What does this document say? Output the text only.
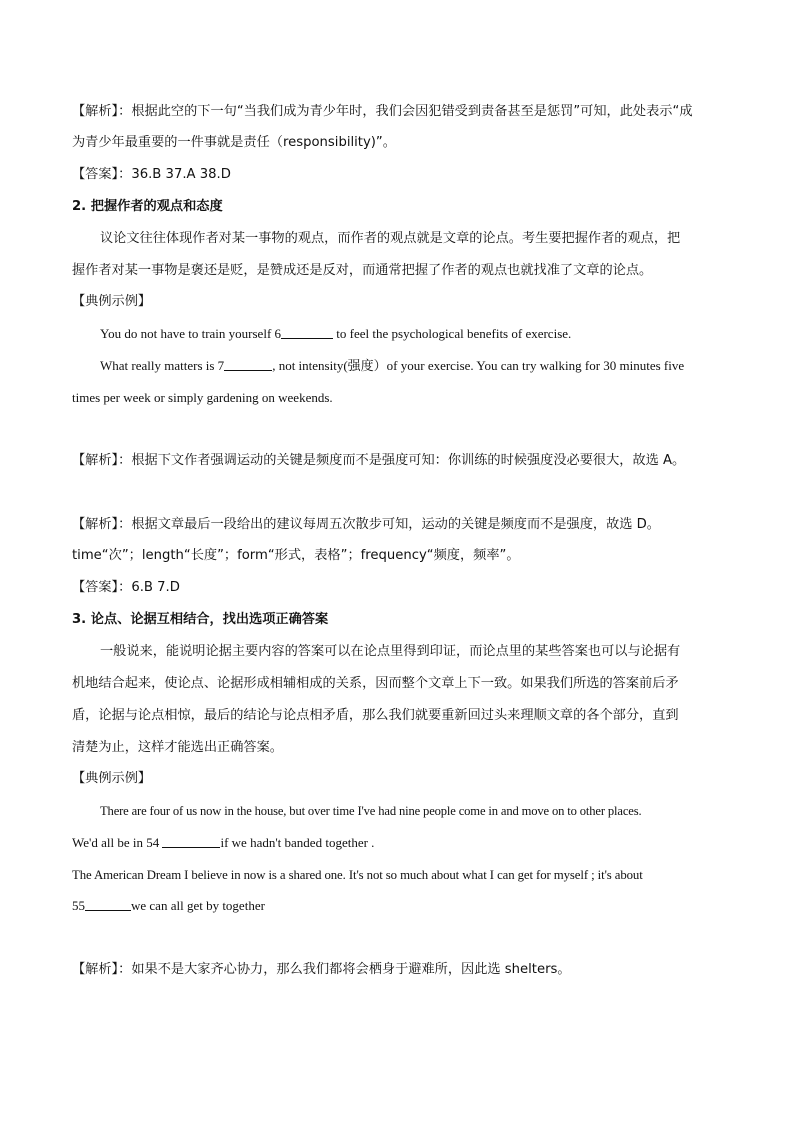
【解析】：根据此空的下一句“当我们成为青少年时，我们会因犯错受到责备甚至是惩罚”可知，此处表示“成
为青少年最重要的一件事就是责任（responsibility)”。
【答案】：36.B 37.A 38.D
2. 把握作者的观点和态度
议论文往往体现作者对某一事物的观点，而作者的观点就是文章的论点。考生要把握作者的观点，把
握作者对某一事物是褒还是贬，是赞成还是反对，而通常把握了作者的观点也就找准了文章的论点。
【典例示例】
You do not have to train yourself 6	to feel the psychological benefits of exercise.
What really matters is 7	, not intensity(强度）of your exercise. You can try walking for 30 minutes five
times per week or simply gardening on weekends.
【解析】：根据下文作者强调运动的关键是频度而不是强度可知：你训练的时候强度没必要很大，故选 A。
【解析】：根据文章最后一段给出的建议每周五次散步可知，运动的关键是频度而不是强度，故选 D。
time“次”；length“长度”；form“形式，表格”；frequency“频度，频率”。
【答案】：6.B 7.D
3. 论点、论据互相结合，找出选项正确答案
一般说来，能说明论据主要内容的答案可以在论点里得到印证，而论点里的某些答案也可以与论据有
机地结合起来，使论点、论据形成相辅相成的关系，因而整个文章上下一致。如果我们所选的答案前后矛
盾，论据与论点相惊，最后的结论与论点相矛盾，那么我们就要重新回过头来理顺文章的各个部分，直到
清楚为止，这样才能选出正确答案。
【典例示例】
There are four of us now in the house, but over time I've had nine people come in and move on to other places.
We'd all be in 54	if we hadn't banded together .
The American Dream I believe in now is a shared one. It's not so much about what I can get for myself ; it's about
55	we can all get by together
【解析】：如果不是大家齐心协力，那么我们都将会栖身于避难所，因此选 shelters。
